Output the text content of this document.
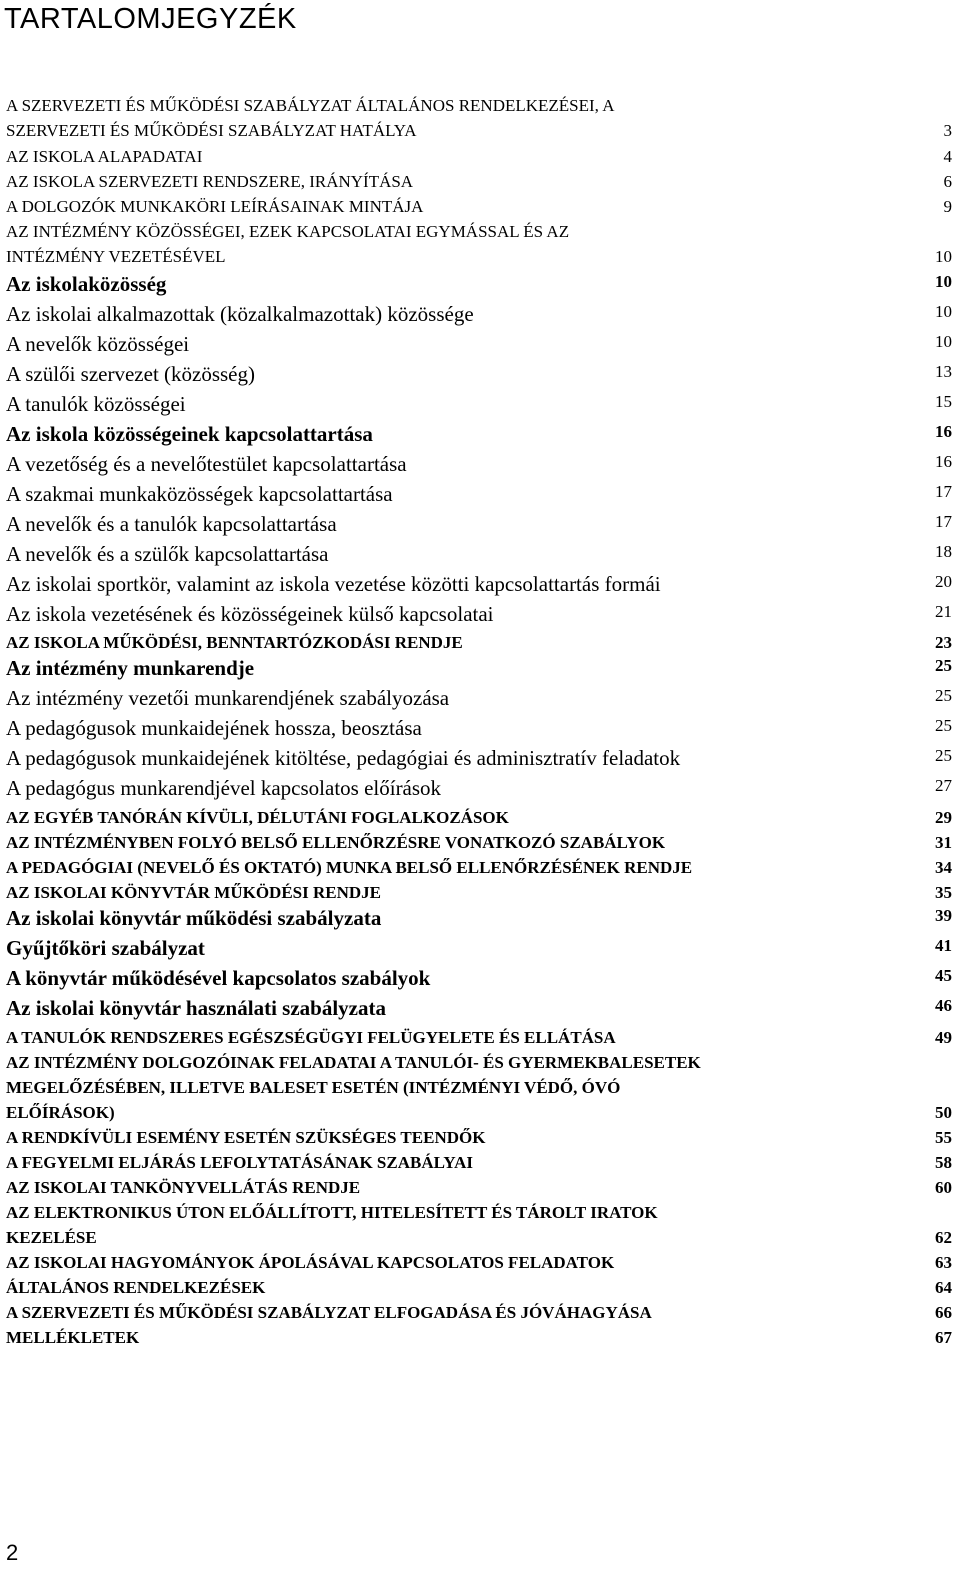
TARTALOMJEGYZÉK
A SZERVEZETI ÉS MŰKÖDÉSI SZABÁLYZAT ÁLTALÁNOS RENDELKEZÉSEI, A
SZERVEZETI ÉS MŰKÖDÉSI SZABÁLYZAT HATÁLYA	3
AZ ISKOLA ALAPADATAI	4
AZ ISKOLA SZERVEZETI RENDSZERE, IRÁNYÍTÁSA	6
A DOLGOZÓK MUNKAKÖRI LEÍRÁSAINAK MINTÁJA	9
AZ INTÉZMÉNY KÖZÖSSÉGEI, EZEK KAPCSOLATAI EGYMÁSSAL ÉS AZ
INTÉZMÉNY VEZETÉSÉVEL	10
Az iskolaközösség	10
Az iskolai alkalmazottak (közalkalmazottak) közössége	10
A nevelők közösségei	10
A szülői szervezet (közösség)	13
A tanulók közösségei	15
Az iskola közösségeinek kapcsolattartása	16
A vezetőség és a nevelőtestület kapcsolattartása	16
A szakmai munkaközösségek kapcsolattartása	17
A nevelők és a tanulók kapcsolattartása	17
A nevelők és a szülők kapcsolattartása	18
Az iskolai sportkör, valamint az iskola vezetése közötti kapcsolattartás formái	20
Az iskola vezetésének és közösségeinek külső kapcsolatai	21
AZ ISKOLA MŰKÖDÉSI, BENNTARTÓZKODÁSI RENDJE	23
Az intézmény munkarendje	25
Az intézmény vezetői munkarendjének szabályozása	25
A pedagógusok munkaidejének hossza, beosztása	25
A pedagógusok munkaidejének kitöltése, pedagógiai és adminisztratív feladatok	25
A pedagógus munkarendjével kapcsolatos előírások	27
AZ EGYÉB TANÓRÁN KÍVÜLI, DÉLUTÁNI FOGLALKOZÁSOK	29
AZ INTÉZMÉNYBEN FOLYÓ BELSŐ ELLENŐRZÉSRE VONATKOZÓ SZABÁLYOK	31
A PEDAGÓGIAI (NEVELŐ ÉS OKTATÓ) MUNKA BELSŐ ELLENŐRZÉSÉNEK RENDJE	34
AZ ISKOLAI KÖNYVTÁR MŰKÖDÉSI RENDJE	35
Az iskolai könyvtár működési szabályzata	39
Gyűjtőköri szabályzat	41
A könyvtár működésével kapcsolatos szabályok	45
Az iskolai könyvtár használati szabályzata	46
A TANULÓK RENDSZERES EGÉSZSÉGÜGYI FELÜGYELETE ÉS ELLÁTÁSA	49
AZ INTÉZMÉNY DOLGOZÓINAK FELADATAI A TANULÓI- ÉS GYERMEKBALESETEK
MEGELŐZÉSÉBEN, ILLETVE BALESET ESETÉN (INTÉZMÉNYI VÉDŐ, ÓVÓ
ELŐÍRÁSOK)	50
A RENDKÍVÜLI ESEMÉNY ESETÉN SZÜKSÉGES TEENDŐK	55
A FEGYELMI ELJÁRÁS LEFOLYTATÁSÁNAK SZABÁLYAI	58
AZ ISKOLAI TANKÖNYVELLÁTÁS RENDJE	60
AZ ELEKTRONIKUS ÚTON ELŐÁLLÍTOTT, HITELESÍTETT ÉS TÁROLT IRATOK
KEZELÉSE	62
AZ ISKOLAI HAGYOMÁNYOK ÁPOLÁSÁVAL KAPCSOLATOS FELADATOK	63
ÁLTALÁNOS RENDELKEZÉSEK	64
A SZERVEZETI ÉS MŰKÖDÉSI SZABÁLYZAT ELFOGADÁSA ÉS JÓVÁHAGYÁSA	66
MELLÉKLETEK	67
2
